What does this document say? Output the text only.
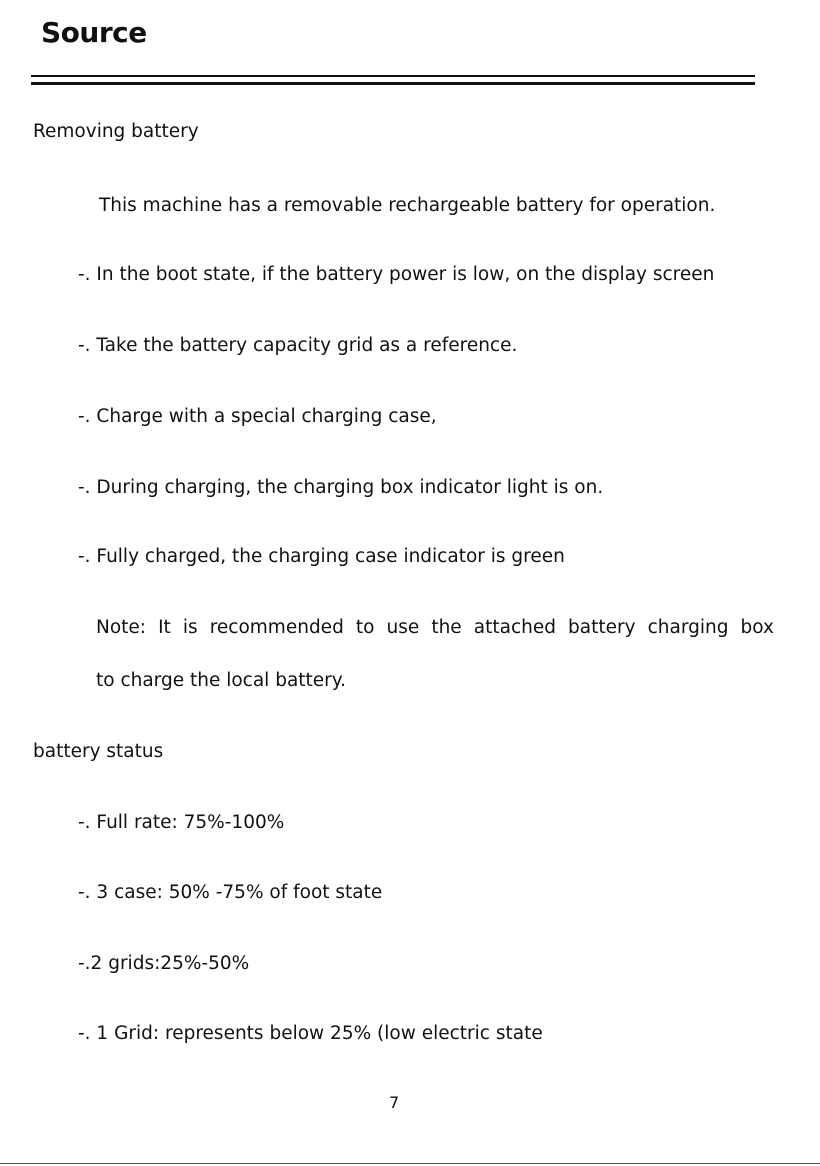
Source
Removing battery
This machine has a removable rechargeable battery for operation.
-. In the boot state, if the battery power is low, on the display screen
-. Take the battery capacity grid as a reference.
-. Charge with a special charging case,
-. During charging, the charging box indicator light is on.
-. Fully charged, the charging case indicator is green
Note: It is recommended to use the attached battery charging box
to charge the local battery.
battery status
-. Full rate: 75%-100%
-. 3 case: 50% -75% of foot state
-.2 grids:25%-50%
-. 1 Grid: represents below 25% (low electric state
7
